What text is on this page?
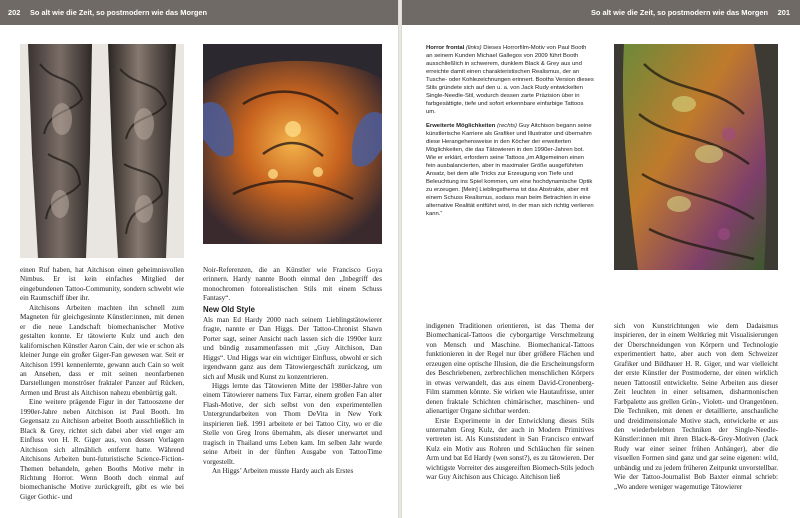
202 So alt wie die Zeit, so postmodern wie das Morgen

einen Ruf haben, hat Aitchison einen geheimnisvollen Nimbus. Er ist kein einfaches Mitglied der eingebundenen Tattoo-Community, sondern schwebt wie ein Raumschiff über ihr.

Aitchisons Arbeiten machten ihn schnell zum Magneten für gleichgesinnte Künstler:innen, mit denen er die neue Landschaft biomechanischer Motive gestalten konnte. Er tätowierte Kulz und auch den kalifornischen Künstler Aaron Cain, der wie er schon als kleiner Junge ein großer Giger-Fan gewesen war. Seit er Aitchison 1991 kennenlernte, gewann auch Cain so weit an Ansehen, dass er mit seinen neonfarbenen Darstellungen monströser fraktaler Panzer auf Rücken, Armen und Brust als Aitchison nahezu ebenbürtig galt.

Eine weitere prägende Figur in der Tattooszene der 1990er-Jahre neben Aitchison ist Paul Booth. Im Gegensatz zu Aitchison arbeitet Booth ausschließlich in Black & Grey, richtet sich dabei aber viel enger am Einfluss von H. R. Giger aus, von dessen Vorlagen Aitchison sich allmählich entfernt hatte. Während Aitchisons Arbeiten bunt-futuristische Science-Fiction-Themen behandeln, gehen Booths Motive mehr in Richtung Horror. Wenn Booth doch einmal auf biomechanische Motive zurückgreift, gibt es wie bei Giger Gothic- und

Noir-Referenzen, die an Künstler wie Francisco Goya erinnern. Hardy nannte Booth einmal den „Inbegriff des monochromen fotorealistischen Stils mit einem Schuss Fantasy“.

New Old Style

Als man Ed Hardy 2000 nach seinem Lieblingstätowierer fragte, nannte er Dan Higgs. Der Tattoo-Chronist Shawn Porter sagt, seiner Ansicht nach lassen sich die 1990er kurz und bündig zusammenfassen mit „Guy Aitchison, Dan Higgs“. Und Higgs war ein wichtiger Einfluss, obwohl er sich irgendwann ganz aus dem Tätowiergeschäft zurückzog, um sich auf Musik und Kunst zu konzentrieren.

Higgs lernte das Tätowieren Mitte der 1980er-Jahre von einem Tätowierer namens Tux Farrar, einem großen Fan alter Flash-Motive, der sich selbst von den experimentellen Untergrundarbeiten von Thom DeVita in New York inspirieren ließ. 1991 arbeitete er bei Tattoo City, wo er die Stelle von Greg Irons übernahm, als dieser unerwartet und tragisch in Thailand ums Leben kam. Im selben Jahr wurde seine Arbeit in der fünften Ausgabe von TattooTime vorgestellt.

An Higgs’ Arbeiten musste Hardy auch als Erstes

So alt wie die Zeit, so postmodern wie das Morgen 201

Horror frontal (links) Dieses Horrorfilm-Motiv von Paul Booth an seinem Kunden Michael Gallegos von 2009 führt Booth ausschließlich in schwerem, dunklem Black & Grey aus und erreichte damit einen charakteristischen Realismus, der an Tusche- oder Kohlezeichnungen erinnert. Booths Version dieses Stils gründete sich auf den u. a. von Jack Rudy entwickelten Single-Needle-Stil, wodurch dessen zarte Präzision über in farbgesättigte, tiefe und sofort erkennbare einfarbige Tattoos um.

Erweiterte Möglichkeiten (rechts) Guy Aitchison begann seine künstlerische Karriere als Grafiker und Illustrator und übernahm diese Herangehensweise in den Köcher der erweiterten Möglichkeiten, die das Tätowieren in den 1990er-Jahren bot. Wie er erklärt, erfordern seine Tattoos „im Allgemeinen einen fein ausbalancierten, aber in maximaler Größe ausgeführten Ansatz, bei dem alle Tricks zur Erzeugung von Tiefe und Beleuchtung ins Spiel kommen, um eine hochdynamische Optik zu erzeugen. [Mein] Lieblingsthema ist das Abstrakte, aber mit einem Schuss Realismus, sodass man beim Betrachten in eine alternative Realität entführt wird, in der man sich richtig verlieren kann.“

indigenen Traditionen orientieren, ist das Thema der Biomechanical-Tattoos die cyborgartige Verschmelzung von Mensch und Maschine. Biomechanical-Tattoos funktionieren in der Regel nur über größere Flächen und erzeugen eine optische Illusion, die die Erscheinungsform des Beschriebenen, zerbrechlichen menschlichen Körpers in etwas verwandelt, das aus einem David-Cronenberg-Film stammen könnte. Sie wirken wie Hautaufrisse, unter denen fraktale Schichten chimärischer, maschinen- und alienartiger Organe sichtbar werden.

Erste Experimente in der Entwicklung dieses Stils unternahm Greg Kulz, der auch in Modern Primitives vertreten ist. Als Kunststudent in San Francisco entwarf Kulz ein Motiv aus Rohren und Schläuchen für seinen Arm und bat Ed Hardy (wen sonst?), es zu tätowieren. Der wichtigste Vorreiter des ausgereiften Biomech-Stils jedoch war Guy Aitchison aus Chicago. Aitchison ließ

sich von Kunstrichtungen wie dem Dadaismus inspirieren, der in einem Weltkrieg mit Visualisierungen der Überschneidungen von Körpern und Technologie experimentiert hatte, aber auch von dem Schweizer Grafiker und Bildhauer H. R. Giger, und war vielleicht der erste Künstler der Postmoderne, der einen wirklich neuen Tattoostil entwickelte. Seine Arbeiten aus dieser Zeit leuchten in einer seltsamen, disharmonischen Farbpalette aus grellen Grün-, Violett- und Orangetönen. Die Techniken, mit denen er detaillierte, anschauliche und dreidimensionale Motive stach, entwickelte er aus den wiederbelebten Techniken der Single-Needle-Künstler:innen mit ihren Black-&-Grey-Motiven (Jack Rudy war einer seiner frühen Anhänger), aber die visuellen Formen sind ganz und gar seine eigenen: wild, unbändig und zu jedem früheren Zeitpunkt unvorstellbar. Wie der Tattoo-Journalist Bob Baxter einmal schrieb: „Wo andere weniger wagemutige Tätowierer
